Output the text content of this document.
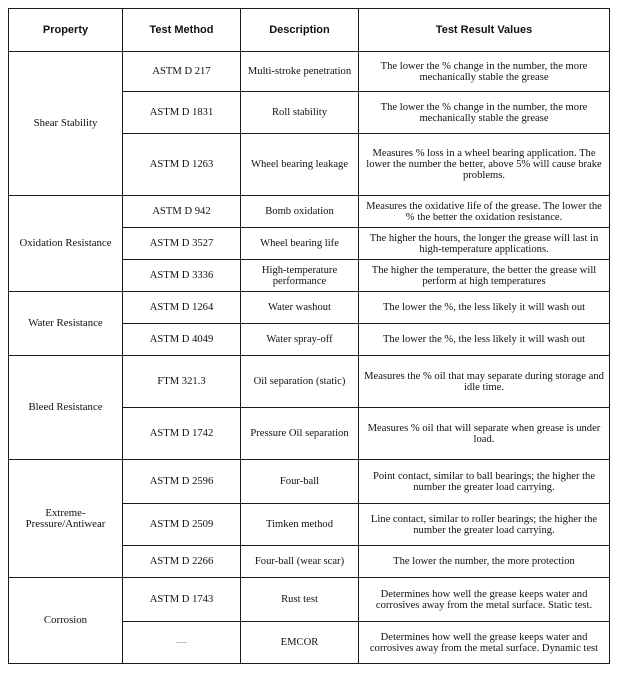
Property	Test Method	Description	Test Result Values
Shear Stability	ASTM D 217	Multi-stroke penetration	The lower the % change in the number, the more mechanically stable the grease
	ASTM D 1831	Roll stability	The lower the % change in the number, the more mechanically stable the grease
	ASTM D 1263	Wheel bearing leakage	Measures % loss in a wheel bearing application. The lower the number the better, above 5% will cause brake problems.
Oxidation Resistance	ASTM D 942	Bomb oxidation	Measures the oxidative life of the grease. The lower the % the better the oxidation resistance.
	ASTM D 3527	Wheel bearing life	The higher the hours, the longer the grease will last in high-temperature applications.
	ASTM D 3336	High-temperature performance	The higher the temperature, the better the grease will perform at high temperatures
Water Resistance	ASTM D 1264	Water washout	The lower the %, the less likely it will wash out
	ASTM D 4049	Water spray-off	The lower the %, the less likely it will wash out
Bleed Resistance	FTM 321.3	Oil separation (static)	Measures the % oil that may separate during storage and idle time.
	ASTM D 1742	Pressure Oil separation	Measures % oil that will separate when grease is under load.
Extreme-Pressure/Antiwear	ASTM D 2596	Four-ball	Point contact, similar to ball bearings; the higher the number the greater load carrying.
	ASTM D 2509	Timken method	Line contact, similar to roller bearings; the higher the number the greater load carrying.
	ASTM D 2266	Four-ball (wear scar)	The lower the number, the more protection
Corrosion	ASTM D 1743	Rust test	Determines how well the grease keeps water and corrosives away from the metal surface. Static test.
	—	EMCOR	Determines how well the grease keeps water and corrosives away from the metal surface. Dynamic test
